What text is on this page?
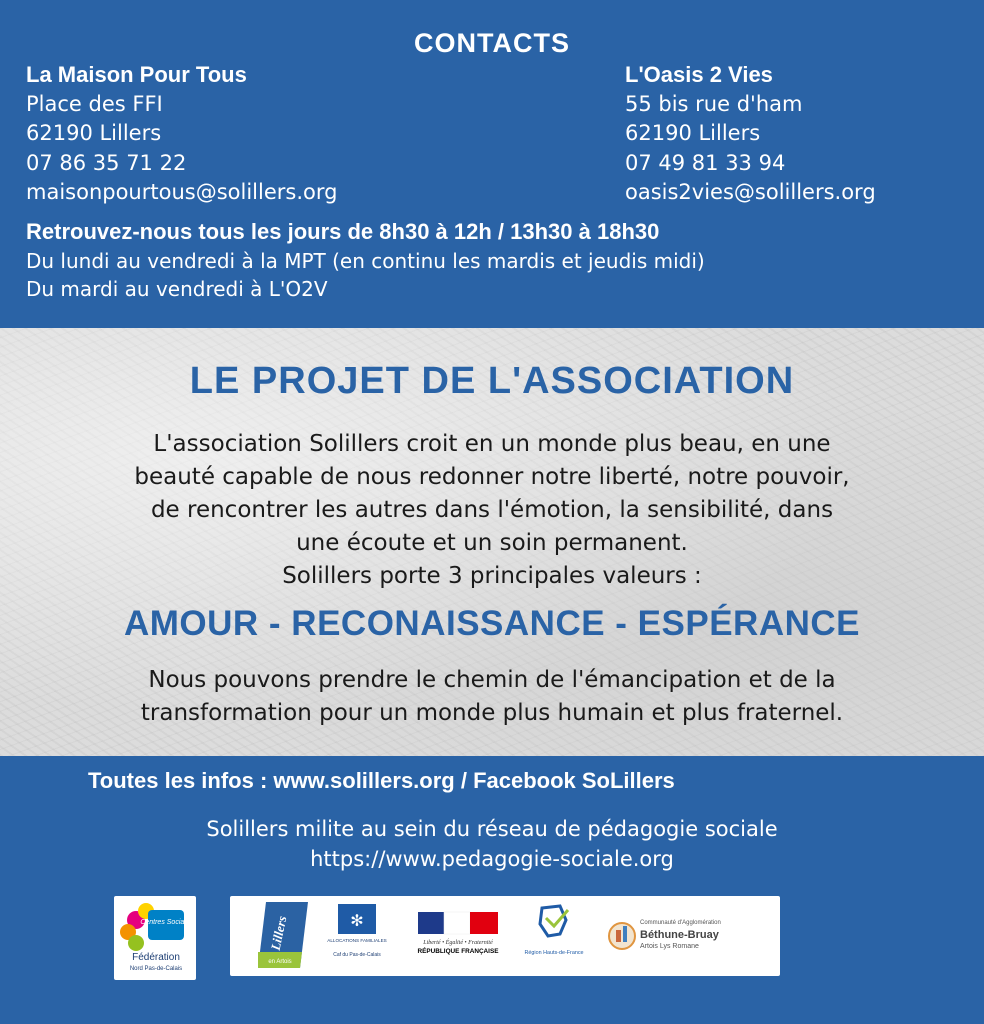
CONTACTS
La Maison Pour Tous
Place des FFI
62190 Lillers
07 86 35 71 22
maisonpourtous@solillers.org
L'Oasis 2 Vies
55 bis rue d'ham
62190 Lillers
07 49 81 33 94
oasis2vies@solillers.org
Retrouvez-nous tous les jours de 8h30 à 12h / 13h30 à 18h30
Du lundi au vendredi à la MPT (en continu les mardis et jeudis midi)
Du mardi au vendredi à L'O2V
LE PROJET DE L'ASSOCIATION
L'association Solillers croit en un monde plus beau, en une
beauté capable de nous redonner notre liberté, notre pouvoir,
de rencontrer les autres dans l'émotion, la sensibilité, dans
une écoute et un soin permanent.
Solillers porte 3 principales valeurs :
AMOUR - RECONAISSANCE - ESPÉRANCE
Nous pouvons prendre le chemin de l'émancipation et de la
transformation pour un monde plus humain et plus fraternel.
Toutes les infos : www.solillers.org / Facebook SoLillers
Solillers milite au sein du réseau de pédagogie sociale
https://www.pedagogie-sociale.org
Centres Sociaux
Fédération
Nord Pas-de-Calais
Lillers
en Artois
✻
ALLOCATIONS FAMILIALES
Caf du Pas-de-Calais
Liberté • Égalité • Fraternité
RÉPUBLIQUE FRANÇAISE	Région Hauts-de-France
Communauté d'Agglomération
Béthune-Bruay
Artois Lys Romane
